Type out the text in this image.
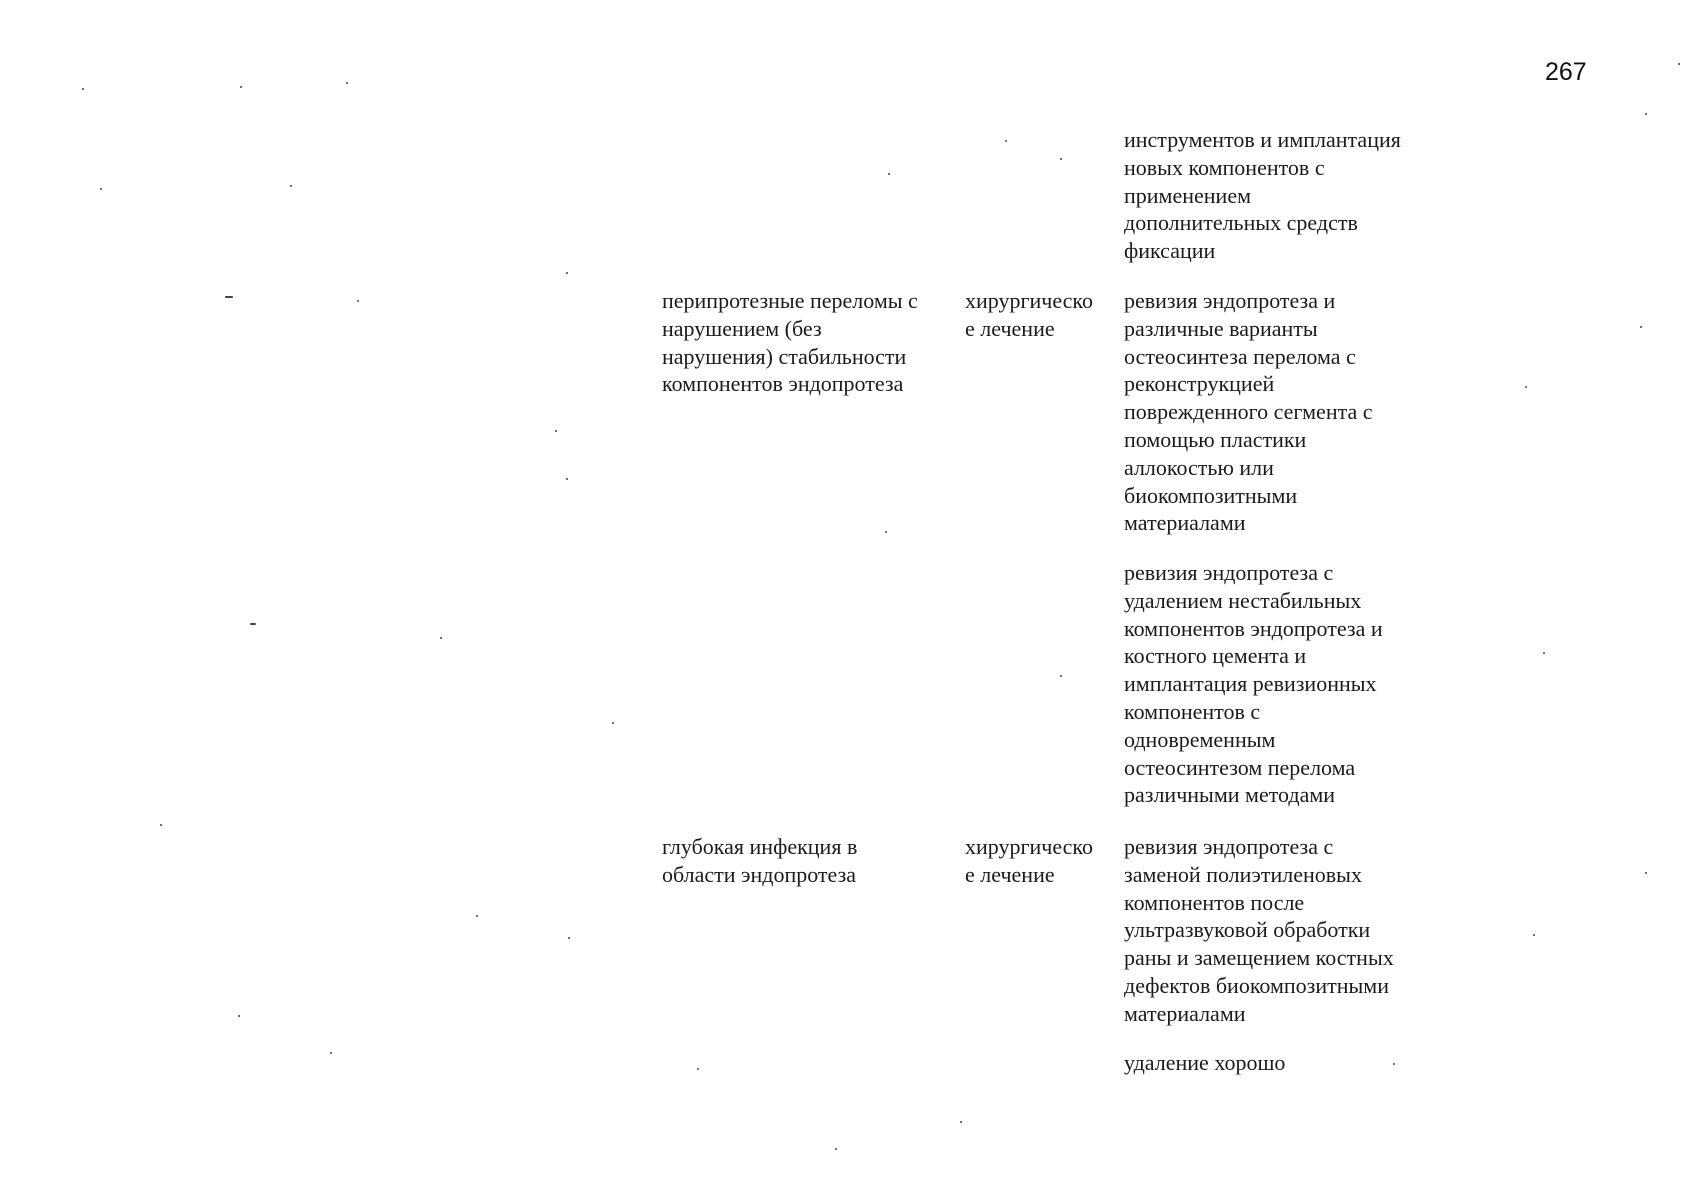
267
инструментов и имплантация
новых компонентов с
применением
дополнительных средств
фиксации
перипротезные переломы с
нарушением (без
нарушения) стабильности
компонентов эндопротеза
хирургическо
е лечение
ревизия эндопротеза и
различные варианты
остеосинтеза перелома с
реконструкцией
поврежденного сегмента с
помощью пластики
аллокостью или
биокомпозитными
материалами
ревизия эндопротеза с
удалением нестабильных
компонентов эндопротеза и
костного цемента и
имплантация ревизионных
компонентов с
одновременным
остеосинтезом перелома
различными методами
глубокая инфекция в
области эндопротеза
хирургическо
е лечение
ревизия эндопротеза с
заменой полиэтиленовых
компонентов после
ультразвуковой обработки
раны и замещением костных
дефектов биокомпозитными
материалами
удаление хорошо
